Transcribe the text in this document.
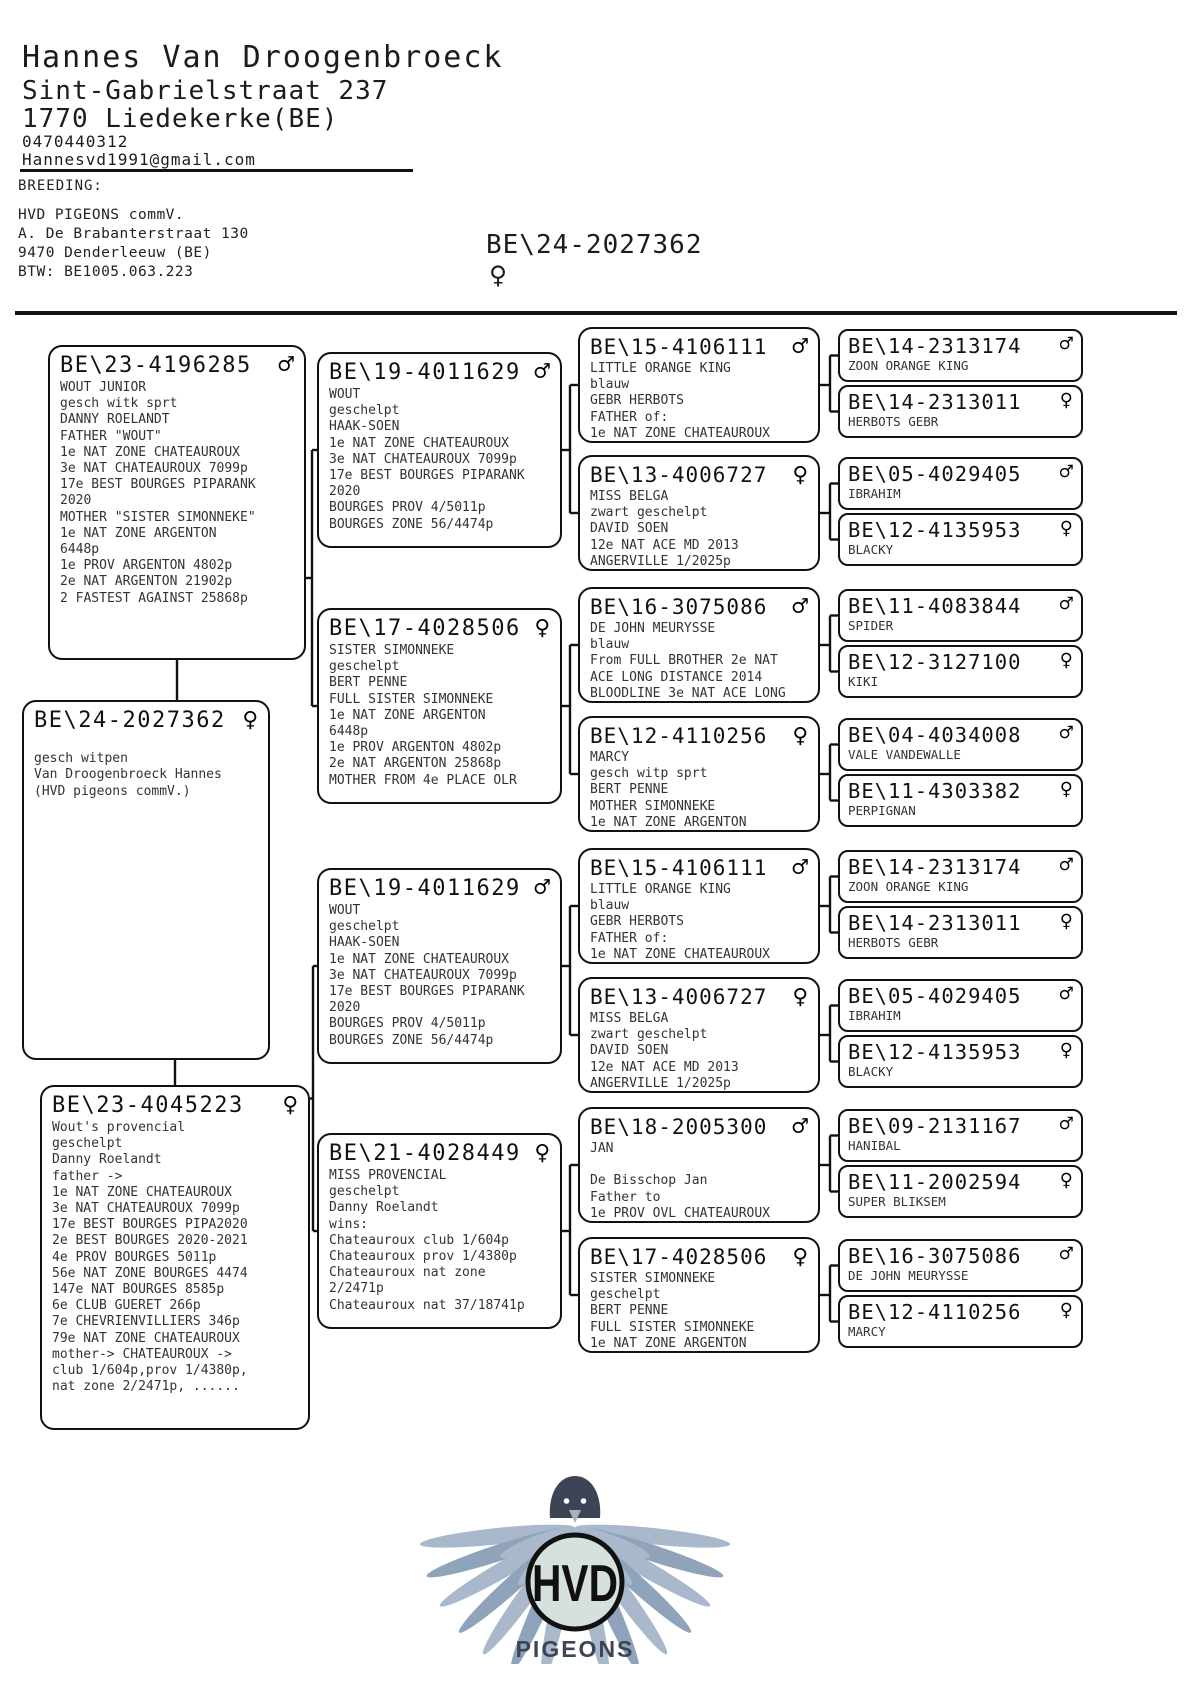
Hannes Van Droogenbroeck
Sint-Gabrielstraat 237
1770 Liedekerke(BE)
0470440312
Hannesvd1991@gmail.com
BREEDING:
HVD PIGEONS commV.
A. De Brabanterstraat 130
9470 Denderleeuw (BE)
BTW: BE1005.063.223
BE\24-2027362
♀
BE\23-4196285 ♂
WOUT JUNIOR
gesch witk sprt
DANNY ROELANDT
FATHER "WOUT"
1e NAT ZONE CHATEAUROUX
3e NAT CHATEAUROUX 7099p
17e BEST BOURGES PIPARANK
2020
MOTHER "SISTER SIMONNEKE"
1e NAT ZONE ARGENTON
6448p
1e PROV ARGENTON 4802p
2e NAT ARGENTON 21902p
2 FASTEST AGAINST 25868p
BE\24-2027362 ♀

gesch witpen
Van Droogenbroeck Hannes
(HVD pigeons commV.)
BE\23-4045223 ♀
Wout's provencial
geschelpt
Danny Roelandt
father ->
1e NAT ZONE CHATEAUROUX
3e NAT CHATEAUROUX 7099p
17e BEST BOURGES PIPA2020
2e BEST BOURGES 2020-2021
4e PROV BOURGES 5011p
56e NAT ZONE BOURGES 4474
147e NAT BOURGES 8585p
6e CLUB GUERET 266p
7e CHEVRIENVILLIERS 346p
79e NAT ZONE CHATEAUROUX
mother-> CHATEAUROUX ->
club 1/604p,prov 1/4380p,
nat zone 2/2471p, ......
BE\19-4011629 ♂
WOUT
geschelpt
HAAK-SOEN
1e NAT ZONE CHATEAUROUX
3e NAT CHATEAUROUX 7099p
17e BEST BOURGES PIPARANK
2020
BOURGES PROV 4/5011p
BOURGES ZONE 56/4474p
BE\17-4028506 ♀
SISTER SIMONNEKE
geschelpt
BERT PENNE
FULL SISTER SIMONNEKE
1e NAT ZONE ARGENTON
6448p
1e PROV ARGENTON 4802p
2e NAT ARGENTON 25868p
MOTHER FROM 4e PLACE OLR
BE\19-4011629 ♂
WOUT
geschelpt
HAAK-SOEN
1e NAT ZONE CHATEAUROUX
3e NAT CHATEAUROUX 7099p
17e BEST BOURGES PIPARANK
2020
BOURGES PROV 4/5011p
BOURGES ZONE 56/4474p
BE\21-4028449 ♀
MISS PROVENCIAL
geschelpt
Danny Roelandt
wins:
Chateauroux club 1/604p
Chateauroux prov 1/4380p
Chateauroux nat zone
2/2471p
Chateauroux nat 37/18741p
BE\15-4106111 ♂
LITTLE ORANGE KING
blauw
GEBR HERBOTS
FATHER of:
1e NAT ZONE CHATEAUROUX
BE\13-4006727 ♀
MISS BELGA
zwart geschelpt
DAVID SOEN
12e NAT ACE MD 2013
ANGERVILLE 1/2025p
BE\16-3075086 ♂
DE JOHN MEURYSSE
blauw
From FULL BROTHER 2e NAT
ACE LONG DISTANCE 2014
BLOODLINE 3e NAT ACE LONG
BE\12-4110256 ♀
MARCY
gesch witp sprt
BERT PENNE
MOTHER SIMONNEKE
1e NAT ZONE ARGENTON
BE\15-4106111 ♂
LITTLE ORANGE KING
blauw
GEBR HERBOTS
FATHER of:
1e NAT ZONE CHATEAUROUX
BE\13-4006727 ♀
MISS BELGA
zwart geschelpt
DAVID SOEN
12e NAT ACE MD 2013
ANGERVILLE 1/2025p
BE\18-2005300 ♂
JAN

De Bisschop Jan
Father to
1e PROV OVL CHATEAUROUX
BE\17-4028506 ♀
SISTER SIMONNEKE
geschelpt
BERT PENNE
FULL SISTER SIMONNEKE
1e NAT ZONE ARGENTON
BE\14-2313174 ♂
ZOON ORANGE KING
BE\14-2313011 ♀
HERBOTS GEBR
BE\05-4029405 ♂
IBRAHIM
BE\12-4135953 ♀
BLACKY
BE\11-4083844 ♂
SPIDER
BE\12-3127100 ♀
KIKI
BE\04-4034008 ♂
VALE VANDEWALLE
BE\11-4303382 ♀
PERPIGNAN
BE\14-2313174 ♂
ZOON ORANGE KING
BE\14-2313011 ♀
HERBOTS GEBR
BE\05-4029405 ♂
IBRAHIM
BE\12-4135953 ♀
BLACKY
BE\09-2131167 ♂
HANIBAL
BE\11-2002594 ♀
SUPER BLIKSEM
BE\16-3075086 ♂
DE JOHN MEURYSSE
BE\12-4110256 ♀
MARCY
HVD
PIGEONS
